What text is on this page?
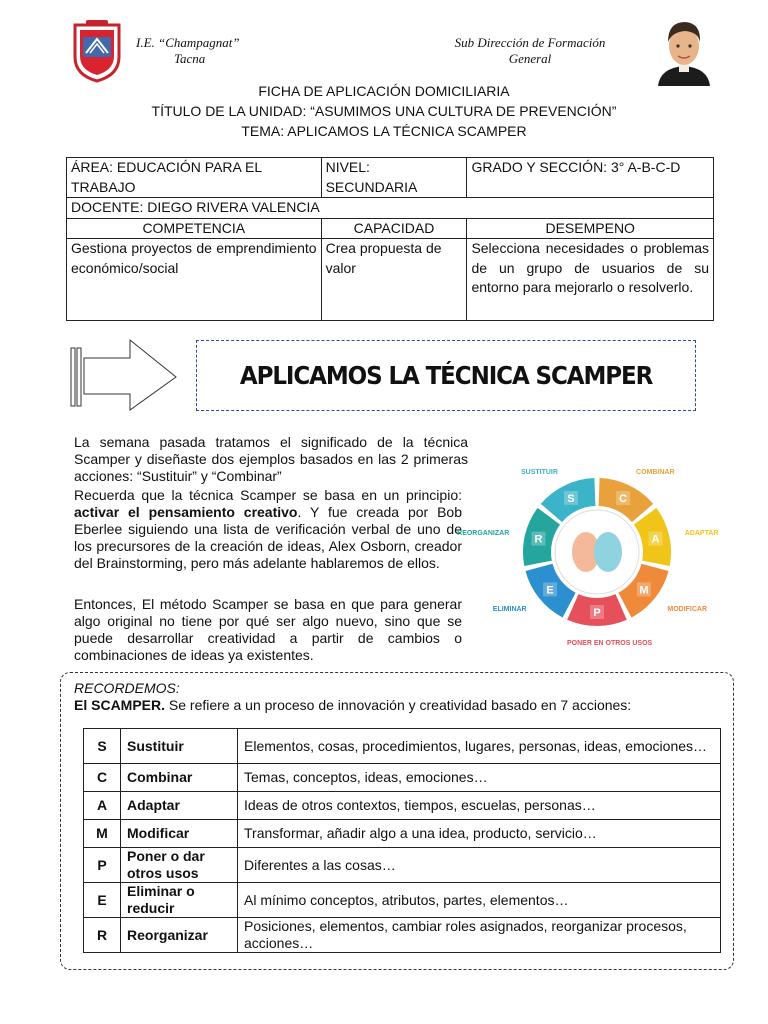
I.E. “Champagnat”
Tacna
Sub Dirección de Formación
General
FICHA DE APLICACIÓN DOMICILIARIA
TÍTULO DE LA UNIDAD: “ASUMIMOS UNA CULTURA DE PREVENCIÓN”
TEMA: APLICAMOS LA TÉCNICA SCAMPER
ÁREA: EDUCACIÓN PARA EL TRABAJO	NIVEL: SECUNDARIA	GRADO Y SECCIÓN: 3° A-B-C-D
DOCENTE: DIEGO RIVERA VALENCIA		
COMPETENCIA	CAPACIDAD	DESEMPENO
Gestiona proyectos de emprendimiento económico/social	Crea propuesta de valor	Selecciona necesidades o problemas de un grupo de usuarios de su entorno para mejorarlo o resolverlo.
APLICAMOS LA TÉCNICA SCAMPER
La semana pasada tratamos el significado de la técnica Scamper y diseñaste dos ejemplos basados en las 2 primeras acciones: “Sustituir” y “Combinar”
Recuerda que la técnica Scamper se basa en un principio: activar el pensamiento creativo. Y fue creada por Bob Eberlee siguiendo una lista de verificación verbal de uno de los precursores de la creación de ideas, Alex Osborn, creador del Brainstorming, pero más adelante hablaremos de ellos.
Entonces, El método Scamper se basa en que para generar algo original no tiene por qué ser algo nuevo, sino que se puede desarrollar creatividad a partir de cambios o combinaciones de ideas ya existentes.
S
SUSTITUIR
C
COMBINAR
A
ADAPTAR
M
MODIFICAR
P
PONER EN OTROS USOS
E
ELIMINAR
R
REORGANIZAR
RECORDEMOS:
El SCAMPER. Se refiere a un proceso de innovación y creatividad basado en 7 acciones:
S	Sustituir	Elementos, cosas, procedimientos, lugares, personas, ideas, emociones…
C	Combinar	Temas, conceptos, ideas, emociones…
A	Adaptar	Ideas de otros contextos, tiempos, escuelas, personas…
M	Modificar	Transformar, añadir algo a una idea, producto, servicio…
P	Poner o dar otros usos	Diferentes a las cosas…
E	Eliminar o reducir	Al mínimo conceptos, atributos, partes, elementos…
R	Reorganizar	Posiciones, elementos, cambiar roles asignados, reorganizar procesos, acciones…
